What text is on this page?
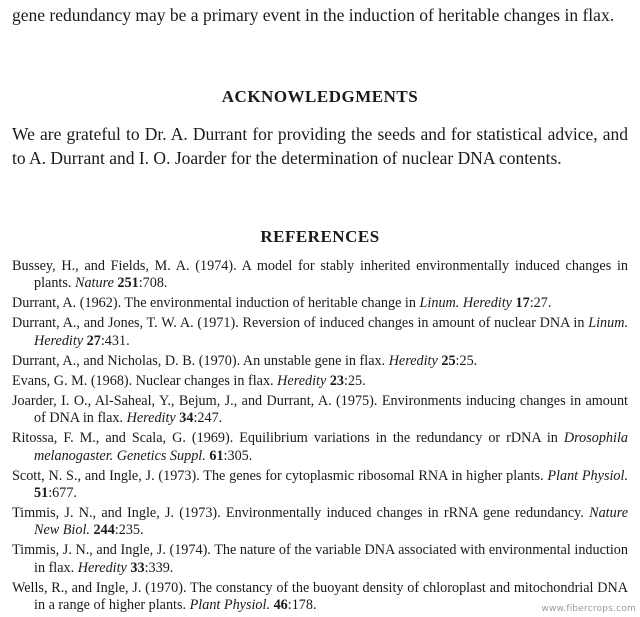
gene redundancy may be a primary event in the induction of heritable changes in flax.

ACKNOWLEDGMENTS

We are grateful to Dr. A. Durrant for providing the seeds and for statistical advice, and to A. Durrant and I. O. Joarder for the determination of nuclear DNA contents.

REFERENCES

Bussey, H., and Fields, M. A. (1974). A model for stably inherited environmentally induced changes in plants. Nature 251:708.

Durrant, A. (1962). The environmental induction of heritable change in Linum. Heredity 17:27.

Durrant, A., and Jones, T. W. A. (1971). Reversion of induced changes in amount of nuclear DNA in Linum. Heredity 27:431.

Durrant, A., and Nicholas, D. B. (1970). An unstable gene in flax. Heredity 25:25.

Evans, G. M. (1968). Nuclear changes in flax. Heredity 23:25.

Joarder, I. O., Al-Saheal, Y., Bejum, J., and Durrant, A. (1975). Environments inducing changes in amount of DNA in flax. Heredity 34:247.

Ritossa, F. M., and Scala, G. (1969). Equilibrium variations in the redundancy or rDNA in Drosophila melanogaster. Genetics Suppl. 61:305.

Scott, N. S., and Ingle, J. (1973). The genes for cytoplasmic ribosomal RNA in higher plants. Plant Physiol. 51:677.

Timmis, J. N., and Ingle, J. (1973). Environmentally induced changes in rRNA gene redundancy. Nature New Biol. 244:235.

Timmis, J. N., and Ingle, J. (1974). The nature of the variable DNA associated with environmental induction in flax. Heredity 33:339.

Wells, R., and Ingle, J. (1970). The constancy of the buoyant density of chloroplast and mitochondrial DNA in a range of higher plants. Plant Physiol. 46:178.	www.fibercrops.com
